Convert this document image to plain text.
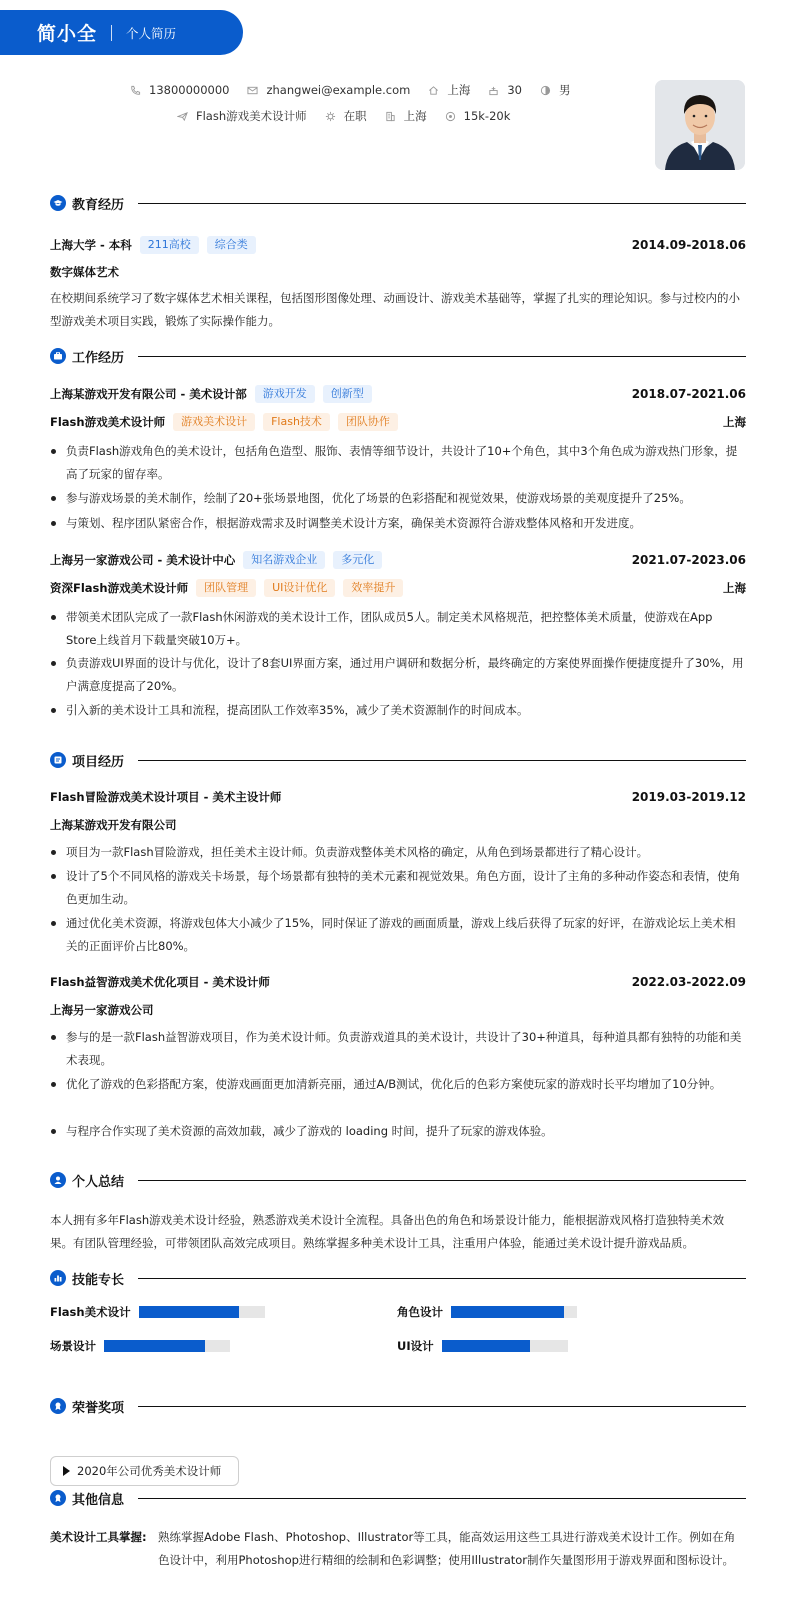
简小全 个人简历
13800000000	zhangwei@example.com	上海	30	男
Flash游戏美术设计师	在职	上海	15k-20k
教育经历
上海大学 - 本科	211高校	综合类	2014.09-2018.06
数字媒体艺术
在校期间系统学习了数字媒体艺术相关课程，包括图形图像处理、动画设计、游戏美术基础等，掌握了扎实的理论知识。参与过校内的小型游戏美术项目实践，锻炼了实际操作能力。
工作经历
上海某游戏开发有限公司 - 美术设计部	游戏开发	创新型	2018.07-2021.06
Flash游戏美术设计师	游戏美术设计	Flash技术	团队协作	上海
负责Flash游戏角色的美术设计，包括角色造型、服饰、表情等细节设计，共设计了10+个角色，其中3个角色成为游戏热门形象，提高了玩家的留存率。
参与游戏场景的美术制作，绘制了20+张场景地图，优化了场景的色彩搭配和视觉效果，使游戏场景的美观度提升了25%。
与策划、程序团队紧密合作，根据游戏需求及时调整美术设计方案，确保美术资源符合游戏整体风格和开发进度。
上海另一家游戏公司 - 美术设计中心	知名游戏企业	多元化	2021.07-2023.06
资深Flash游戏美术设计师	团队管理	UI设计优化	效率提升	上海
带领美术团队完成了一款Flash休闲游戏的美术设计工作，团队成员5人。制定美术风格规范，把控整体美术质量，使游戏在App Store上线首月下载量突破10万+。
负责游戏UI界面的设计与优化，设计了8套UI界面方案，通过用户调研和数据分析，最终确定的方案使界面操作便捷度提升了30%，用户满意度提高了20%。
引入新的美术设计工具和流程，提高团队工作效率35%，减少了美术资源制作的时间成本。
项目经历
Flash冒险游戏美术设计项目 - 美术主设计师	2019.03-2019.12
上海某游戏开发有限公司
项目为一款Flash冒险游戏，担任美术主设计师。负责游戏整体美术风格的确定，从角色到场景都进行了精心设计。
设计了5个不同风格的游戏关卡场景，每个场景都有独特的美术元素和视觉效果。角色方面，设计了主角的多种动作姿态和表情，使角色更加生动。
通过优化美术资源，将游戏包体大小减少了15%，同时保证了游戏的画面质量，游戏上线后获得了玩家的好评，在游戏论坛上美术相关的正面评价占比80%。
Flash益智游戏美术优化项目 - 美术设计师	2022.03-2022.09
上海另一家游戏公司
参与的是一款Flash益智游戏项目，作为美术设计师。负责游戏道具的美术设计，共设计了30+种道具，每种道具都有独特的功能和美术表现。
优化了游戏的色彩搭配方案，使游戏画面更加清新亮丽，通过A/B测试，优化后的色彩方案使玩家的游戏时长平均增加了10分钟。
与程序合作实现了美术资源的高效加载，减少了游戏的 loading 时间，提升了玩家的游戏体验。
个人总结
本人拥有多年Flash游戏美术设计经验，熟悉游戏美术设计全流程。具备出色的角色和场景设计能力，能根据游戏风格打造独特美术效果。有团队管理经验，可带领团队高效完成项目。熟练掌握多种美术设计工具，注重用户体验，能通过美术设计提升游戏品质。
技能专长
Flash美术设计	角色设计
场景设计	UI设计
荣誉奖项
2020年公司优秀美术设计师
其他信息
美术设计工具掌握: 熟练掌握Adobe Flash、Photoshop、Illustrator等工具，能高效运用这些工具进行游戏美术设计工作。例如在角色设计中，利用Photoshop进行精细的绘制和色彩调整；使用Illustrator制作矢量图形用于游戏界面和图标设计。
